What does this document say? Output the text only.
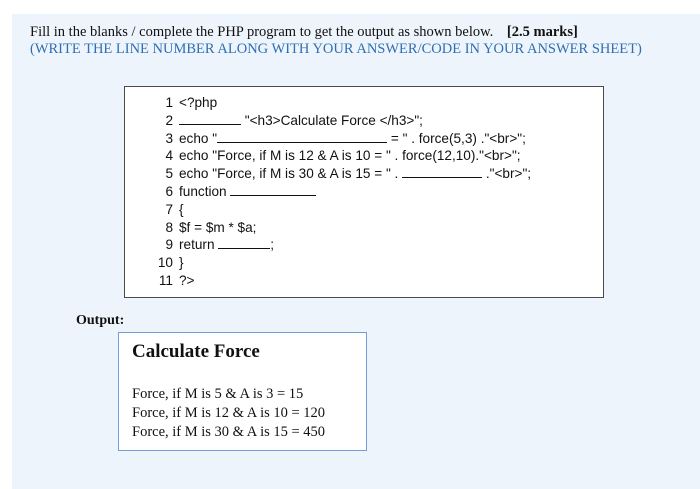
Fill in the blanks / complete the PHP program to get the output as shown below. [2.5 marks]
(WRITE THE LINE NUMBER ALONG WITH YOUR ANSWER/CODE IN YOUR ANSWER SHEET)
1 <?php
2	"<h3>Calculate Force </h3>";
3 echo "	= " . force(5,3) ."<br>";
4 echo "Force, if M is 12 & A is 10 = " . force(12,10)."<br>";
5 echo "Force, if M is 30 & A is 15 = " .	."<br>";
6 function
7 {
8 $f = $m * $a;
9 return	;
10 }
11 ?>
Output:
Calculate Force
Force, if M is 5 & A is 3 = 15
Force, if M is 12 & A is 10 = 120
Force, if M is 30 & A is 15 = 450
